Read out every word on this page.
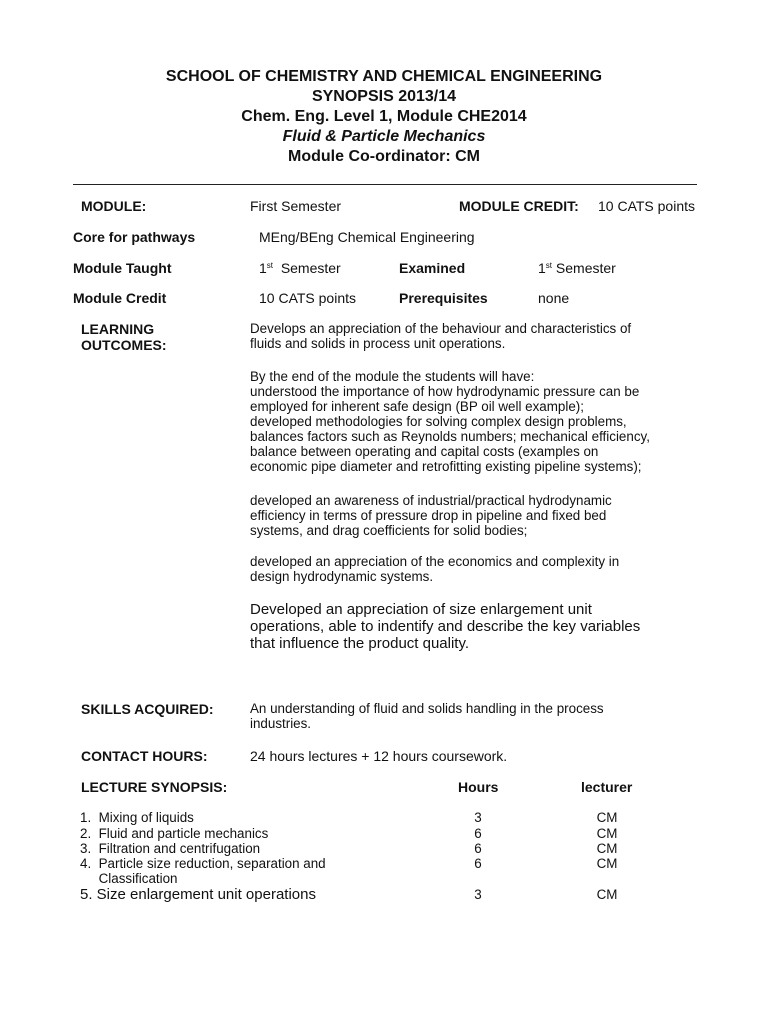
SCHOOL OF CHEMISTRY AND CHEMICAL ENGINEERING
SYNOPSIS 2013/14
Chem. Eng. Level 1, Module CHE2014
Fluid & Particle Mechanics
Module Co-ordinator: CM
MODULE:	First Semester	MODULE CREDIT: 10 CATS points
Core for pathways	MEng/BEng Chemical Engineering
Module Taught	1st Semester	Examined	1st Semester
Module Credit	10 CATS points	Prerequisites	none
LEARNING
OUTCOMES:
Develops an appreciation of the behaviour and characteristics of
fluids and solids in process unit operations.
By the end of the module the students will have:
understood the importance of how hydrodynamic pressure can be
employed for inherent safe design (BP oil well example);
developed methodologies for solving complex design problems,
balances factors such as Reynolds numbers; mechanical efficiency,
balance between operating and capital costs (examples on
economic pipe diameter and retrofitting existing pipeline systems);
developed an awareness of industrial/practical hydrodynamic
efficiency in terms of pressure drop in pipeline and fixed bed
systems, and drag coefficients for solid bodies;
developed an appreciation of the economics and complexity in
design hydrodynamic systems.
Developed an appreciation of size enlargement unit
operations, able to indentify and describe the key variables
that influence the product quality.
SKILLS ACQUIRED:	An understanding of fluid and solids handling in the process
industries.
CONTACT HOURS:	24 hours lectures + 12 hours coursework.
LECTURE SYNOPSIS:	Hours	lecturer
1.  Mixing of liquids	3	CM
2.  Fluid and particle mechanics	6	CM
3.  Filtration and centrifugation	6	CM
4.  Particle size reduction, separation and	6	CM
Classification
5. Size enlargement unit operations	3	CM
